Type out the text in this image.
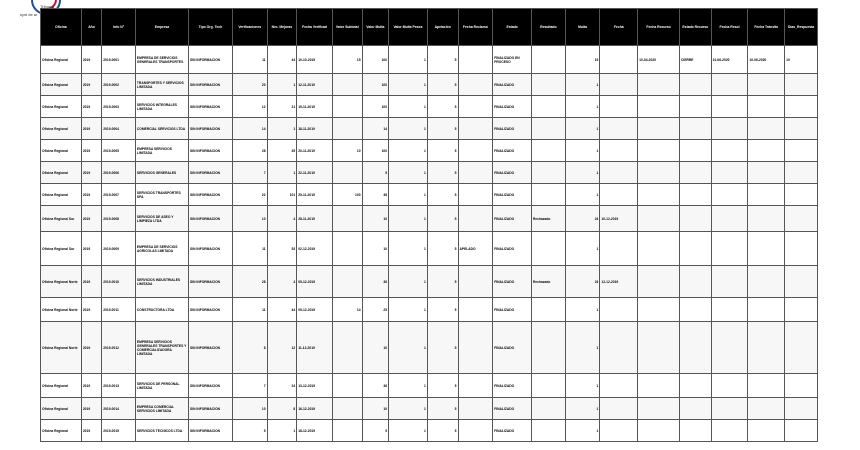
Tribunal
syst de ar
Oficina	Año	Info N°	Empresa	Tipo Org. Tech	Verificaciones	Nro. Mejoras	Fecha Verificad	Valor Subtotal	Valor Multa	Valor Multa Pesos	Apelación	Fecha Reclamo	Estado	Resultado	Multa	Fecha	Fecha Recurso	Estado Recurso	Fecha Resol	Fecha Tránsito	Días_Respuesta
Oficina Regional	2019	2019-0001	EMPRESA DE SERVICIOS GENERALES TRANSPORTES	SIN INFORMACION	11	44	10-10-2019	15	100	1	5		FINALIZADO EN PROCESO		15		10-04-2020	CIERRE	10-06-2020	10-06-2020	10
Oficina Regional	2019	2019-0002	TRANSPORTES Y SERVICIOS LIMITADA	SIN INFORMACION	20	1	12-11-2019		100	1	5		FINALIZADO		1						
Oficina Regional	2019	2019-0003	SERVICIOS INTEGRALES LIMITADA	SIN INFORMACION	12	21	15-11-2019		100	1	5		FINALIZADO		1						
Oficina Regional	2019	2019-0004	COMERCIAL SERVICIOS LTDA	SIN INFORMACION	14	1	18-11-2019		14	1	5		FINALIZADO		1						
Oficina Regional	2019	2019-0005	EMPRESA SERVICIOS LIMITADA	SIN INFORMACION	28	35	20-11-2019	10	100	1	5		FINALIZADO		1						
Oficina Regional	2019	2019-0006	SERVICIOS GENERALES	SIN INFORMACION	7	1	22-11-2019		5	1	5		FINALIZADO		1						
Oficina Regional	2019	2019-0007	SERVICIOS TRANSPORTES SPA	SIN INFORMACION	22	101	25-11-2019	100	38	1	5		FINALIZADO		1						
Oficina Regional Sur	2019	2019-0008	SERVICIOS DE ASEO Y LIMPIEZA LTDA	SIN INFORMACION	10	4	28-11-2019		10	1	5		FINALIZADO	Rechazado	24	10-12-2019					
Oficina Regional Sur	2019	2019-0009	EMPRESA DE SERVICIOS AGRICOLAS LIMITADA	SIN INFORMACION	11	53	02-12-2019		10	1	5	APELADO	FINALIZADO		1						
Oficina Regional Norte	2019	2019-0010	SERVICIOS INDUSTRIALES LIMITADA	SIN INFORMACION	28	4	05-12-2019		36	1	5		FINALIZADO	Rechazado	24	12-12-2019					
Oficina Regional Norte	2019	2019-0011	CONSTRUCTORA LTDA	SIN INFORMACION	11	44	09-12-2019	14	25	1	5		FINALIZADO		1						
Oficina Regional Norte	2019	2019-0012	EMPRESA SERVICIOS GENERALES TRANSPORTES Y COMERCIALIZADORA LIMITADA	SIN INFORMACION	8	12	11-12-2019		10	1	5		FINALIZADO		1						
Oficina Regional	2019	2019-0013	SERVICIOS DE PERSONAL LIMITADA	SIN INFORMACION	7	24	13-12-2019		36	1	5		FINALIZADO		1						
Oficina Regional	2019	2019-0014	EMPRESA COMERCIAL SERVICIOS LIMITADA	SIN INFORMACION	10	8	16-12-2019		10	1	5		FINALIZADO		1						
Oficina Regional	2019	2019-0015	SERVICIOS TECNICOS LTDA	SIN INFORMACION	5	1	18-12-2019		5	1	5		FINALIZADO		1						
